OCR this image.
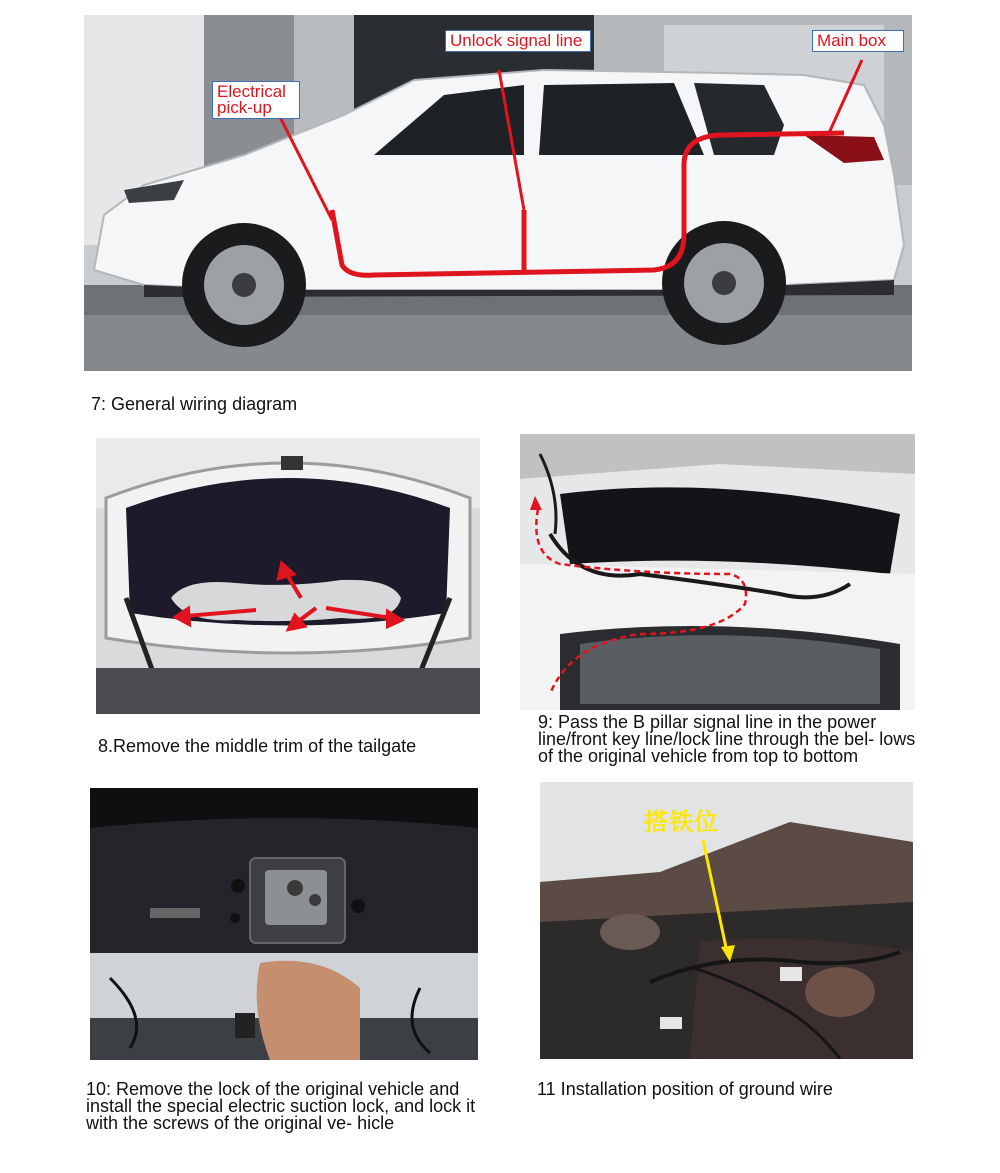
Electrical pick-up
Unlock signal line	Main box
7: General wiring diagram
8.Remove the middle trim of the tailgate
9: Pass the B pillar signal line in the power line/front key line/lock line through the bel- lows of the original vehicle from top to bottom
10: Remove the lock of the original vehicle and install the special electric suction lock, and lock it with the screws of the original ve- hicle
搭铁位
11 Installation position of ground wire
